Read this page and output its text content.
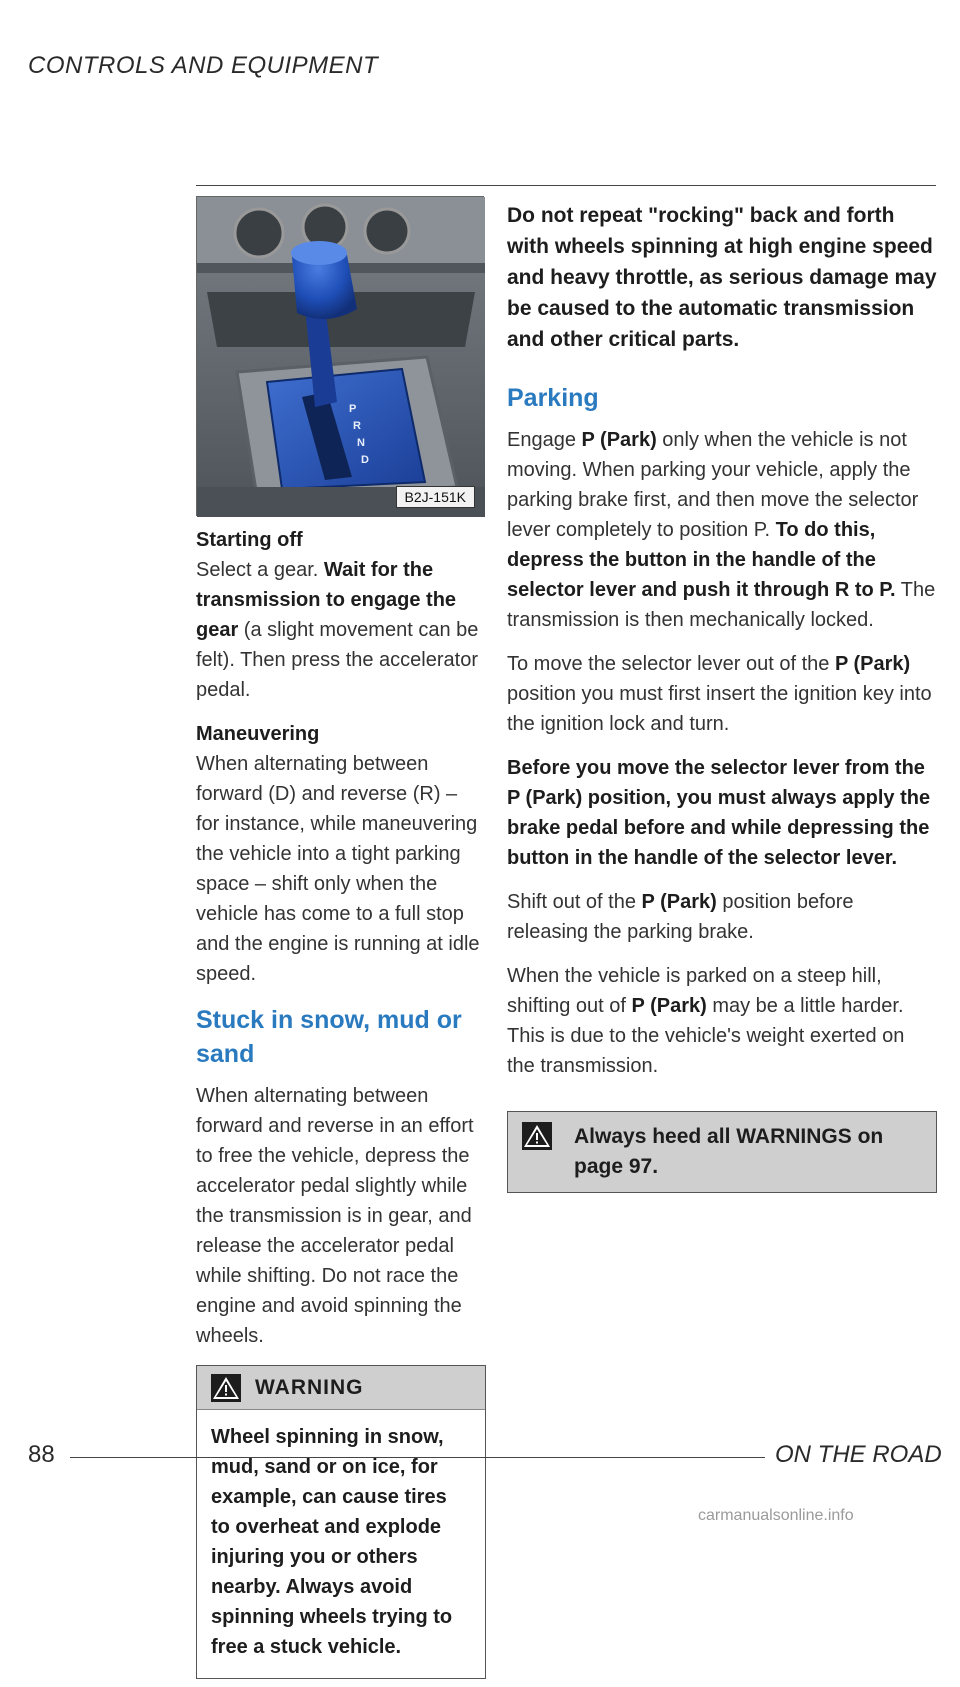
CONTROLS AND EQUIPMENT
P
R
N
D
B2J-151K
Starting off

Select a gear. Wait for the transmission to engage the gear (a slight movement can be felt). Then press the accelerator pedal.

Maneuvering

When alternating between forward (D) and reverse (R) – for instance, while maneuvering the vehicle into a tight parking space – shift only when the vehicle has come to a full stop and the engine is running at idle speed.

Stuck in snow, mud or sand

When alternating between forward and reverse in an effort to free the vehicle, depress the accelerator pedal slightly while the transmission is in gear, and release the accelerator pedal while shifting. Do not race the engine and avoid spinning the wheels.

WARNING
Wheel spinning in snow, mud, sand or on ice, for example, can cause tires to overheat and explode injuring you or others nearby. Always avoid spinning wheels trying to free a stuck vehicle.
Do not repeat "rocking" back and forth with wheels spinning at high engine speed and heavy throttle, as serious damage may be caused to the automatic transmission and other critical parts.
Parking

Engage P (Park) only when the vehicle is not moving. When parking your vehicle, apply the parking brake first, and then move the selector lever completely to position P. To do this, depress the button in the handle of the selector lever and push it through R to P. The transmission is then mechanically locked.

To move the selector lever out of the P (Park) position you must first insert the ignition key into the ignition lock and turn.

Before you move the selector lever from the P (Park) position, you must always apply the brake pedal before and while depressing the button in the handle of the selector lever.

Shift out of the P (Park) position before releasing the parking brake.

When the vehicle is parked on a steep hill, shifting out of P (Park) may be a little harder. This is due to the vehicle's weight exerted on the transmission.

Always heed all WARNINGS on page 97.
88	ON THE ROAD
carmanualsonline.info
